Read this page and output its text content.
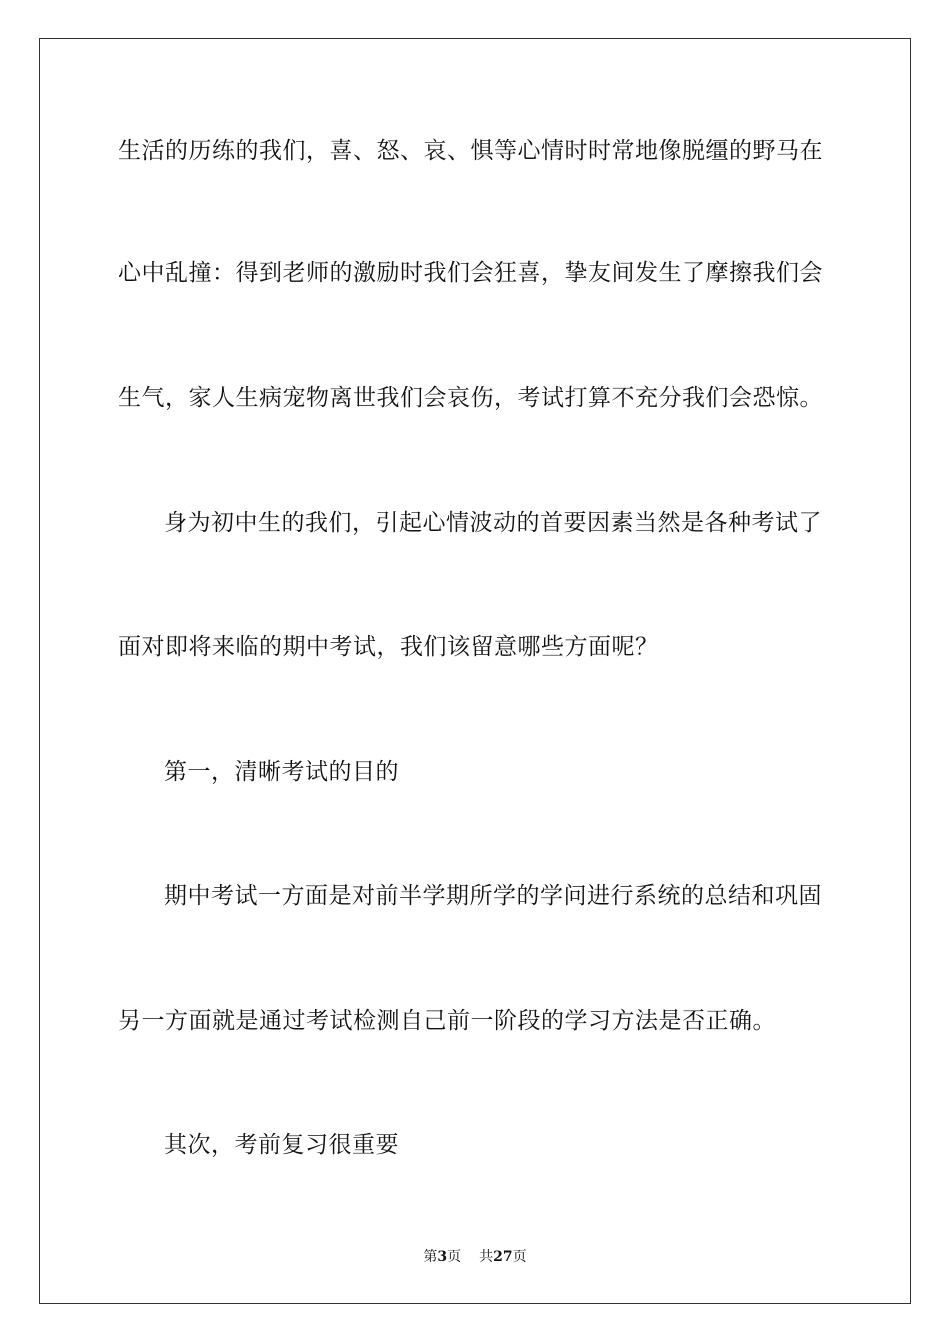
生活的历练的我们，喜、怒、哀、惧等心情时时常地像脱缰的野马在
心中乱撞：得到老师的激励时我们会狂喜，挚友间发生了摩擦我们会
生气，家人生病宠物离世我们会哀伤，考试打算不充分我们会恐惊。
身为初中生的我们，引起心情波动的首要因素当然是各种考试了
面对即将来临的期中考试，我们该留意哪些方面呢？
第一，清晰考试的目的
期中考试一方面是对前半学期所学的学问进行系统的总结和巩固
另一方面就是通过考试检测自己前一阶段的学习方法是否正确。
其次，考前复习很重要
第3页 共27页
